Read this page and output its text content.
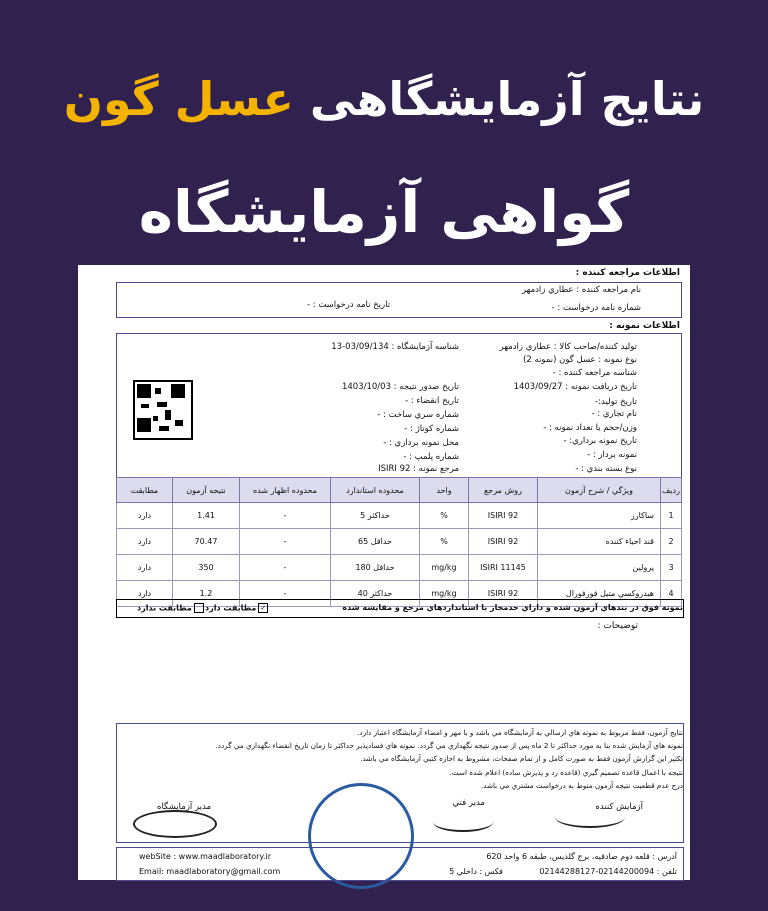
نتایج آزمایشگاهی عسل گون
گواهی آزمایشگاه
اطلاعات مراجعه کننده :
نام مراجعه کننده : عطاري زادمهر
شماره نامه درخواست : -
تاریخ نامه درخواست : -
اطلاعات نمونه :
تولید کننده/صاحب کالا : عطاري زادمهر
نوع نمونه : عسل گون (نمونه 2)
شناسه مراجعه کننده : -
تاریخ دریافت نمونه : 1403/09/27
تاریخ تولید:-
نام تجاري : -
وزن/حجم یا تعداد نمونه : -
تاریخ نمونه برداري: -
نمونه بردار : -
نوع بسته بندي : -
شناسه آزمایشگاه : 03/09/134-13
تاریخ صدور نتیجه : 1403/10/03
تاریخ انقضاء : -
شماره سري ساخت : -
شماره کوتاژ : -
محل نمونه برداري : -
شماره پلمپ : -
مرجع نمونه : ISIRI 92
ردیف	ویژگي / شرح آزمون	روش مرجع	واحد	محدوده استاندارد	محدوده اظهار شده	نتیجه آزمون	مطابقت
1	ساکارز	ISIRI 92	%	حداکثر 5	-	1.41	دارد
2	قند احیاء کننده	ISIRI 92	%	حداقل 65	-	70.47	دارد
3	پرولین	ISIRI 11145	mg/kg	حداقل 180	-	350	دارد
4	هیدروکسي متیل فورفورال	ISIRI 92	mg/kg	حداکثر 40	-	1.2	دارد
نمونه فوق در بندهاي آزمون شده و داراي حدمجاز با استانداردهاي مرجع و مقایسه شده
✓مطابقت دارد
مطابقت ندارد
توضیحات :
نتایج آزمون، فقط مربوط به نمونه هاي ارسالي به آزمایشگاه مي باشد و با مهر و امضاء آزمایشگاه اعتبار دارد.
نمونه هاي آزمایش شده بنا به مورد حداکثر تا 2 ماه پس از صدور نتیجه نگهداري مي گردد. نمونه هاي فسادپذیر حداکثر تا زمان تاریخ انقضاء نگهداري مي گردد.
تکثیر این گزارش آزمون فقط به صورت کامل و از تمام صفحات، مشروط به اجازه کتبي آزمایشگاه مي باشد.
نتیجه با اعمال قاعده تصمیم گیري (قاعده رد و پذیرش ساده) اعلام شده است.
درج عدم قطعیت نتیجه آزمون منوط به درخواست مشتري مي باشد.
آزمایش کننده
مدیر فني
مدیر آزمایشگاه
آدرس : قلعه دوم صادقیه، برج گلدیس، طبقه 6 واحد 620
تلفن : 02144200094-02144288127
فکس : داخلي 5
webSite : www.maadlaboratory.ir
Email: maadlaboratory@gmail.com
